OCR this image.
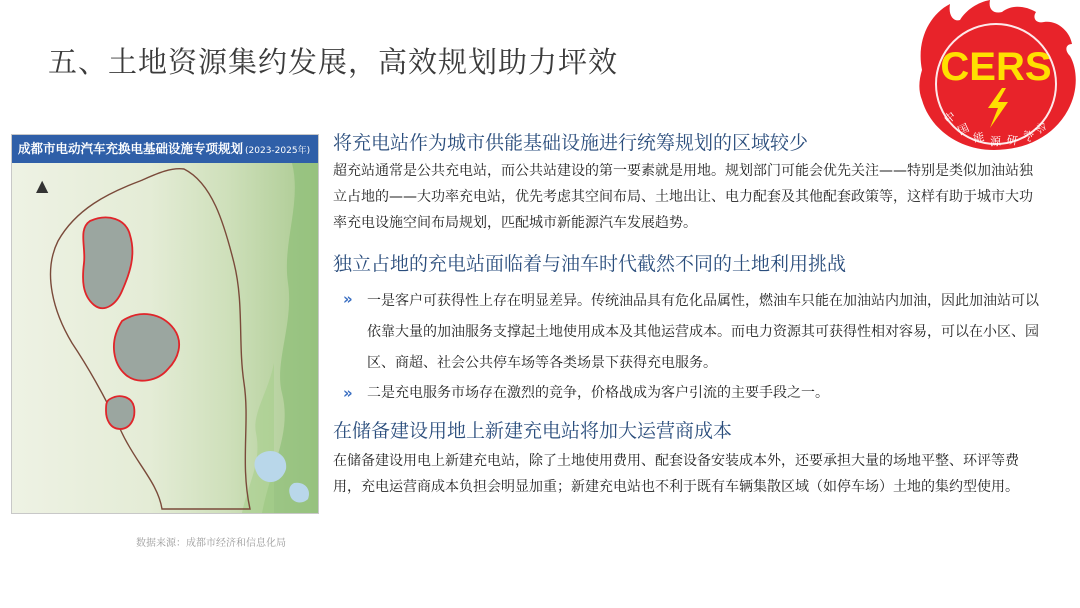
五、土地资源集约发展，高效规划助力坪效	CERS
中
国 能 源 研 究
会
成都市电动汽车充换电基础设施专项规划 (2023-2025年)
▲
数据来源：成都市经济和信息化局
将充电站作为城市供能基础设施进行统筹规划的区域较少

超充站通常是公共充电站，而公共站建设的第一要素就是用地。规划部门可能会优先关注——特别是类似加油站独立占地的——大功率充电站，优先考虑其空间布局、土地出让、电力配套及其他配套政策等，这样有助于城市大功率充电设施空间布局规划，匹配城市新能源汽车发展趋势。

独立占地的充电站面临着与油车时代截然不同的土地利用挑战
» 一是客户可获得性上存在明显差异。传统油品具有危化品属性，燃油车只能在加油站内加油，因此加油站可以依靠大量的加油服务支撑起土地使用成本及其他运营成本。而电力资源其可获得性相对容易，可以在小区、园区、商超、社会公共停车场等各类场景下获得充电服务。
» 二是充电服务市场存在激烈的竞争，价格战成为客户引流的主要手段之一。
在储备建设用地上新建充电站将加大运营商成本

在储备建设用电上新建充电站，除了土地使用费用、配套设备安装成本外，还要承担大量的场地平整、环评等费用，充电运营商成本负担会明显加重；新建充电站也不利于既有车辆集散区域（如停车场）土地的集约型使用。
